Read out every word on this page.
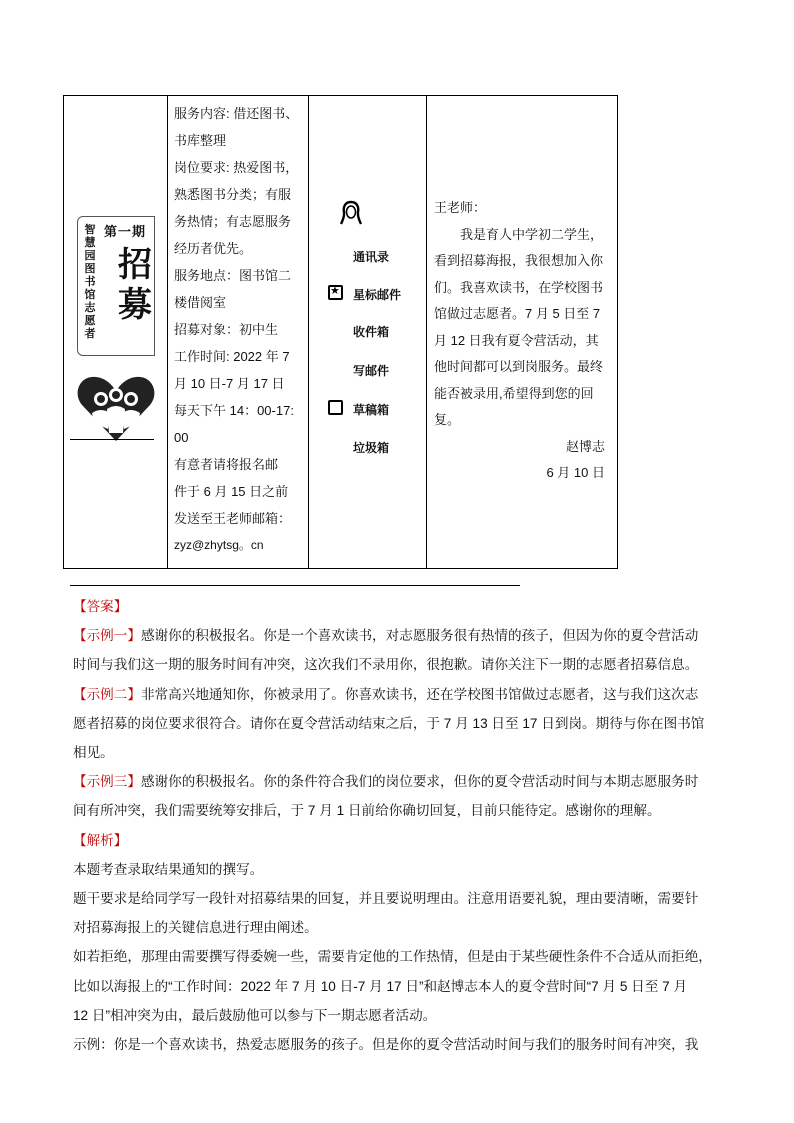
智慧园图书馆志愿者
第一期
招募
服务内容: 借还图书、
书库整理
岗位要求: 热爱图书，
熟悉图书分类；有服
务热情；有志愿服务
经历者优先。
服务地点：图书馆二
楼借阅室
招募对象：初中生
工作时间: 2022 年 7
月 10 日-7 月 17 日
每天下午 14：00-17:
00
有意者请将报名邮
件于 6 月 15 日之前
发送至王老师邮箱：
zyz@zhytsg。cn
通讯录
★
星标邮件
收件箱
写邮件
草稿箱
垃圾箱
王老师：
我是育人中学初二学生，
看到招募海报，我很想加入你
们。我喜欢读书，在学校图书
馆做过志愿者。7 月 5 日至 7
月 12 日我有夏令营活动，其
他时间都可以到岗服务。最终
能否被录用,希望得到您的回
复。
赵博志
6 月 10 日
【答案】
【示例一】感谢你的积极报名。你是一个喜欢读书，对志愿服务很有热情的孩子，但因为你的夏令营活动
时间与我们这一期的服务时间有冲突，这次我们不录用你，很抱歉。请你关注下一期的志愿者招募信息。
【示例二】非常高兴地通知你，你被录用了。你喜欢读书，还在学校图书馆做过志愿者，这与我们这次志
愿者招募的岗位要求很符合。请你在夏令营活动结束之后，于 7 月 13 日至 17 日到岗。期待与你在图书馆
相见。
【示例三】感谢你的积极报名。你的条件符合我们的岗位要求，但你的夏令营活动时间与本期志愿服务时
间有所冲突，我们需要统筹安排后，于 7 月 1 日前给你确切回复，目前只能待定。感谢你的理解。
【解析】
本题考查录取结果通知的撰写。
题干要求是给同学写一段针对招募结果的回复，并且要说明理由。注意用语要礼貌，理由要清晰，需要针
对招募海报上的关键信息进行理由阐述。
如若拒绝，那理由需要撰写得委婉一些，需要肯定他的工作热情，但是由于某些硬性条件不合适从而拒绝，
比如以海报上的“工作时间：2022 年 7 月 10 日-7 月 17 日”和赵博志本人的夏令营时间“7 月 5 日至 7 月
12 日”相冲突为由，最后鼓励他可以参与下一期志愿者活动。
示例：你是一个喜欢读书，热爱志愿服务的孩子。但是你的夏令营活动时间与我们的服务时间有冲突，我
